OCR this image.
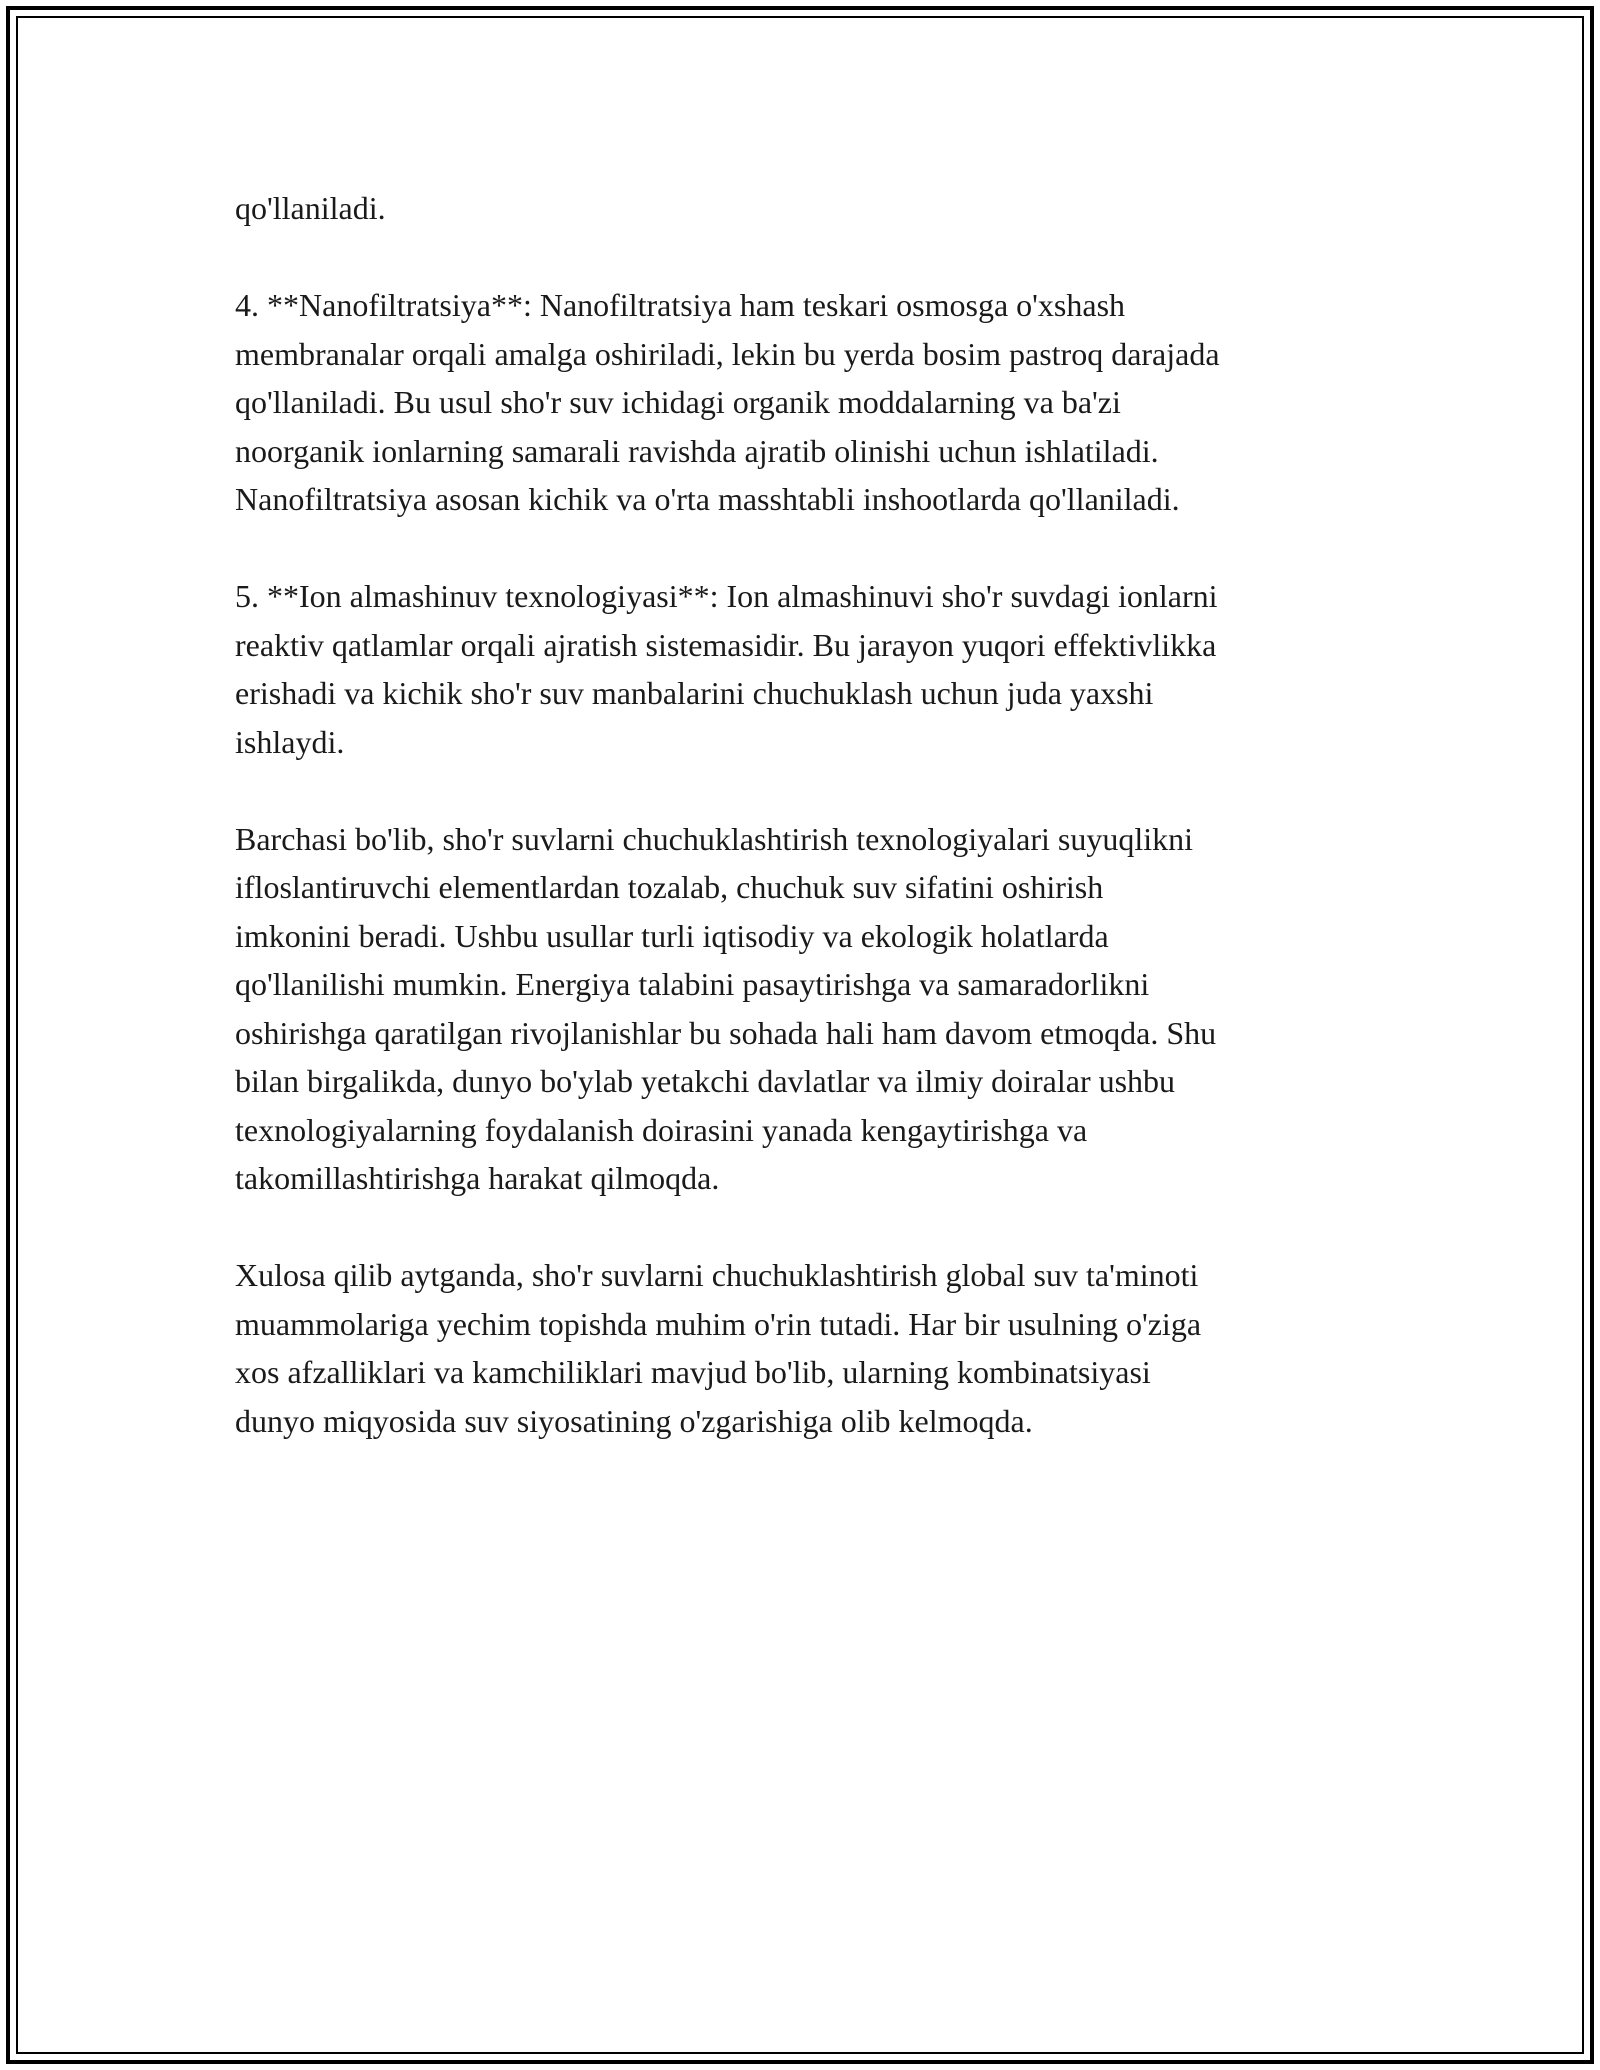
qo'llaniladi.

4. **Nanofiltratsiya**: Nanofiltratsiya ham teskari osmosga o'xshash
membranalar orqali amalga oshiriladi, lekin bu yerda bosim pastroq darajada
qo'llaniladi. Bu usul sho'r suv ichidagi organik moddalarning va ba'zi
noorganik ionlarning samarali ravishda ajratib olinishi uchun ishlatiladi.
Nanofiltratsiya asosan kichik va o'rta masshtabli inshootlarda qo'llaniladi.

5. **Ion almashinuv texnologiyasi**: Ion almashinuvi sho'r suvdagi ionlarni
reaktiv qatlamlar orqali ajratish sistemasidir. Bu jarayon yuqori effektivlikka
erishadi va kichik sho'r suv manbalarini chuchuklash uchun juda yaxshi
ishlaydi.

Barchasi bo'lib, sho'r suvlarni chuchuklashtirish texnologiyalari suyuqlikni
ifloslantiruvchi elementlardan tozalab, chuchuk suv sifatini oshirish
imkonini beradi. Ushbu usullar turli iqtisodiy va ekologik holatlarda
qo'llanilishi mumkin. Energiya talabini pasaytirishga va samaradorlikni
oshirishga qaratilgan rivojlanishlar bu sohada hali ham davom etmoqda. Shu
bilan birgalikda, dunyo bo'ylab yetakchi davlatlar va ilmiy doiralar ushbu
texnologiyalarning foydalanish doirasini yanada kengaytirishga va
takomillashtirishga harakat qilmoqda.

Xulosa qilib aytganda, sho'r suvlarni chuchuklashtirish global suv ta'minoti
muammolariga yechim topishda muhim o'rin tutadi. Har bir usulning o'ziga
xos afzalliklari va kamchiliklari mavjud bo'lib, ularning kombinatsiyasi
dunyo miqyosida suv siyosatining o'zgarishiga olib kelmoqda.
